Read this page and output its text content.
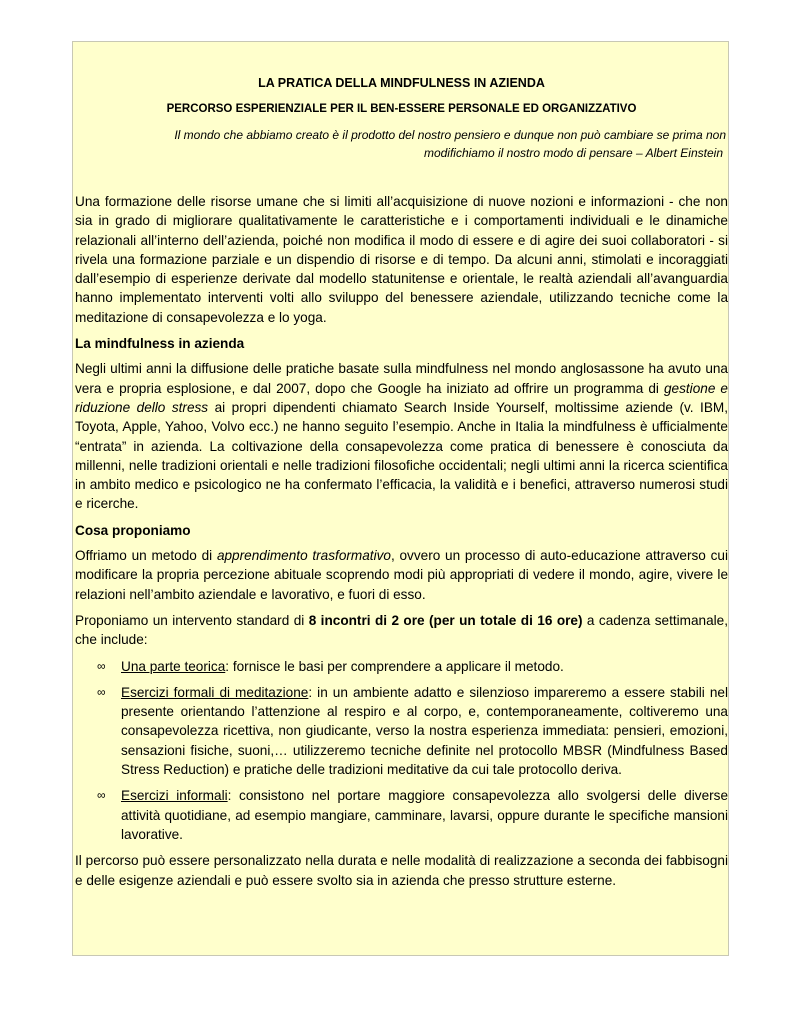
LA PRATICA DELLA MINDFULNESS IN AZIENDA
PERCORSO ESPERIENZIALE PER IL BEN-ESSERE PERSONALE ED ORGANIZZATIVO
Il mondo che abbiamo creato è il prodotto del nostro pensiero e dunque non può cambiare se prima non
modifichiamo il nostro modo di pensare – Albert Einstein

Una formazione delle risorse umane che si limiti all’acquisizione di nuove nozioni e informazioni - che non sia in grado di migliorare qualitativamente le caratteristiche e i comportamenti individuali e le dinamiche relazionali all’interno dell’azienda, poiché non modifica il modo di essere e di agire dei suoi collaboratori - si rivela una formazione parziale e un dispendio di risorse e di tempo. Da alcuni anni, stimolati e incoraggiati dall’esempio di esperienze derivate dal modello statunitense e orientale, le realtà aziendali all’avanguardia hanno implementato interventi volti allo sviluppo del benessere aziendale, utilizzando tecniche come la meditazione di consapevolezza e lo yoga.

La mindfulness in azienda

Negli ultimi anni la diffusione delle pratiche basate sulla mindfulness nel mondo anglosassone ha avuto una vera e propria esplosione, e dal 2007, dopo che Google ha iniziato ad offrire un programma di gestione e riduzione dello stress ai propri dipendenti chiamato Search Inside Yourself, moltissime aziende (v. IBM, Toyota, Apple, Yahoo, Volvo ecc.) ne hanno seguito l’esempio. Anche in Italia la mindfulness è ufficialmente “entrata” in azienda. La coltivazione della consapevolezza come pratica di benessere è conosciuta da millenni, nelle tradizioni orientali e nelle tradizioni filosofiche occidentali; negli ultimi anni la ricerca scientifica in ambito medico e psicologico ne ha confermato l’efficacia, la validità e i benefici, attraverso numerosi studi e ricerche.

Cosa proponiamo

Offriamo un metodo di apprendimento trasformativo, ovvero un processo di auto-educazione attraverso cui modificare la propria percezione abituale scoprendo modi più appropriati di vedere il mondo, agire, vivere le relazioni nell’ambito aziendale e lavorativo, e fuori di esso.

Proponiamo un intervento standard di 8 incontri di 2 ore (per un totale di 16 ore) a cadenza settimanale, che include:

∞ Una parte teorica: fornisce le basi per comprendere a applicare il metodo.
∞ Esercizi formali di meditazione: in un ambiente adatto e silenzioso impareremo a essere stabili nel presente orientando l’attenzione al respiro e al corpo, e, contemporaneamente, coltiveremo una consapevolezza ricettiva, non giudicante, verso la nostra esperienza immediata: pensieri, emozioni, sensazioni fisiche, suoni,… utilizzeremo tecniche definite nel protocollo MBSR (Mindfulness Based Stress Reduction) e pratiche delle tradizioni meditative da cui tale protocollo deriva.
∞ Esercizi informali: consistono nel portare maggiore consapevolezza allo svolgersi delle diverse attività quotidiane, ad esempio mangiare, camminare, lavarsi, oppure durante le specifiche mansioni lavorative.

Il percorso può essere personalizzato nella durata e nelle modalità di realizzazione a seconda dei fabbisogni e delle esigenze aziendali e può essere svolto sia in azienda che presso strutture esterne.
